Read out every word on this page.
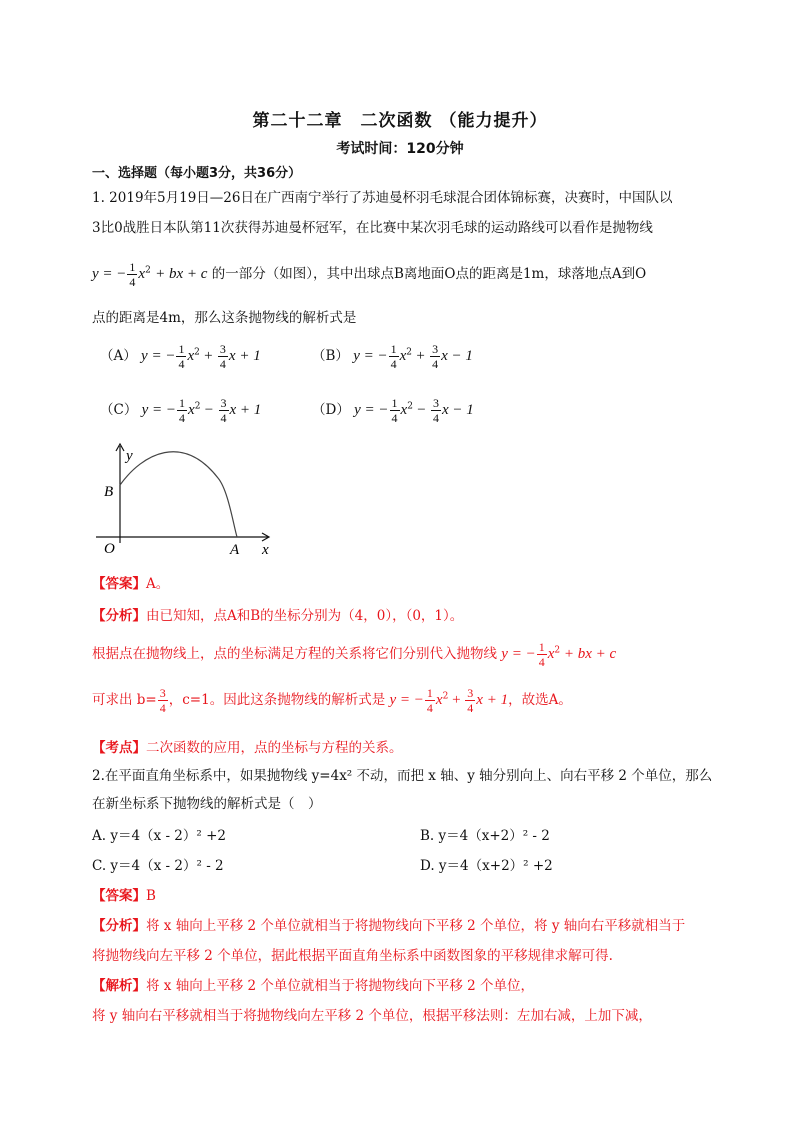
第二十二章　二次函数 （能力提升）
考试时间：120分钟
一、选择题（每小题3分，共36分）
1. 2019年5月19日—26日在广西南宁举行了苏迪曼杯羽毛球混合团体锦标赛，决赛时，中国队以
3比0战胜日本队第11次获得苏迪曼杯冠军，在比赛中某次羽毛球的运动路线可以看作是抛物线
y = − $\frac{1}{4} x^2$ + bx + c 的一部分（如图），其中出球点B离地面O点的距离是1m，球落地点A到O
点的距离是4m，那么这条抛物线的解析式是
（A） y = − $\frac{1}{4} x^2 + \frac{3}{4}$ x + 1	（B） y = − $\frac{1}{4} x^2 + \frac{3}{4}$ x − 1
（C） y = − $\frac{1}{4} x^2 - \frac{3}{4}$ x + 1	（D） y = − $\frac{1}{4} x^2 - \frac{3}{4}$ x − 1
y
B
O	A x
【答案】A。
【分析】由已知知，点A和B的坐标分别为（4，0），（0，1）。
根据点在抛物线上，点的坐标满足方程的关系将它们分别代入抛物线 y = − $\frac{1}{4} x^2$ + bx + c
可求出 $b= \frac{3}{4}$ ，c=1。因此这条抛物线的解析式是 y = − $\frac{1}{4} x^2 + \frac{3}{4}$ x + 1，故选A。
【考点】二次函数的应用，点的坐标与方程的关系。
2.在平面直角坐标系中，如果抛物线 y=4x² 不动，而把 x 轴、y 轴分别向上、向右平移 2 个单位，那么
在新坐标系下抛物线的解析式是（　）
A. y＝4（x - 2）² +2	B. y＝4（x+2）² - 2
C. y＝4（x - 2）² - 2	D. y＝4（x+2）² +2
【答案】B
【分析】将 x 轴向上平移 2 个单位就相当于将抛物线向下平移 2 个单位，将 y 轴向右平移就相当于
将抛物线向左平移 2 个单位，据此根据平面直角坐标系中函数图象的平移规律求解可得.
【解析】将 x 轴向上平移 2 个单位就相当于将抛物线向下平移 2 个单位，
将 y 轴向右平移就相当于将抛物线向左平移 2 个单位，根据平移法则：左加右减，上加下减，
